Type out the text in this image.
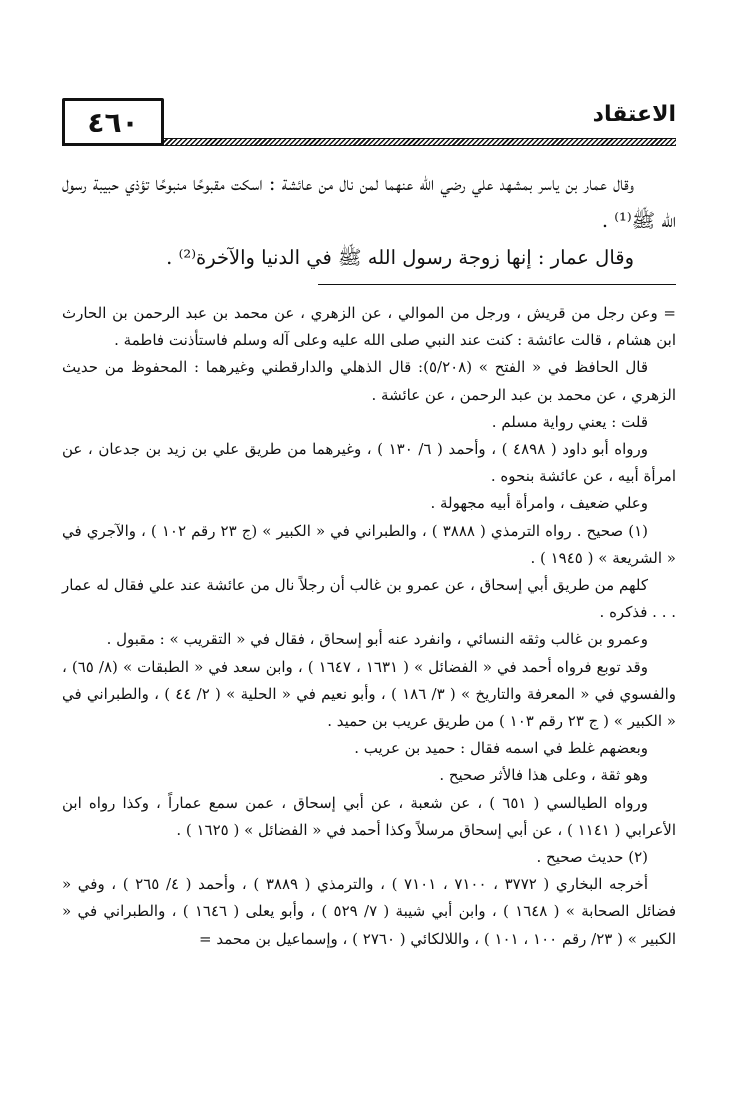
٤٦٠	الاعتقاد

وقال عمار بن ياسر بمشهد علي رضي الله عنهما لمن نال من عائشة : اسكت مقبوحًا منبوحًا تؤذي حبيبة رسول الله ﷺ⁽¹⁾ .

وقال عمار : إنها زوجة رسول الله ﷺ في الدنيا والآخرة⁽²⁾ .

= وعن رجل من قريش ، ورجل من الموالي ، عن الزهري ، عن محمد بن عبد الرحمن بن الحارث ابن هشام ، قالت عائشة : كنت عند النبي صلى الله عليه وعلى آله وسلم فاستأذنت فاطمة .

قال الحافظ في « الفتح » (٥/٢٠٨): قال الذهلي والدارقطني وغيرهما : المحفوظ من حديث الزهري ، عن محمد بن عبد الرحمن ، عن عائشة .

قلت : يعني رواية مسلم .

ورواه أبو داود ( ٤٨٩٨ ) ، وأحمد ( ٦/ ١٣٠ ) ، وغيرهما من طريق علي بن زيد بن جدعان ، عن امرأة أبيه ، عن عائشة بنحوه .

وعلي ضعيف ، وامرأة أبيه مجهولة .

(١) صحيح . رواه الترمذي ( ٣٨٨٨ ) ، والطبراني في « الكبير » (ج ٢٣ رقم ١٠٢ ) ، والآجري في « الشريعة » ( ١٩٤٥ ) .

كلهم من طريق أبي إسحاق ، عن عمرو بن غالب أن رجلاً نال من عائشة عند علي فقال له عمار . . . فذكره .

وعمرو بن غالب وثقه النسائي ، وانفرد عنه أبو إسحاق ، فقال في « التقريب » : مقبول .

وقد توبع فرواه أحمد في « الفضائل » ( ١٦٣١ ، ١٦٤٧ ) ، وابن سعد في « الطبقات » (٨/ ٦٥) ، والفسوي في « المعرفة والتاريخ » ( ٣/ ١٨٦ ) ، وأبو نعيم في « الحلية » ( ٢/ ٤٤ ) ، والطبراني في « الكبير » ( ج ٢٣ رقم ١٠٣ ) من طريق عريب بن حميد .

وبعضهم غلط في اسمه فقال : حميد بن عريب .

وهو ثقة ، وعلى هذا فالأثر صحيح .

ورواه الطيالسي ( ٦٥١ ) ، عن شعبة ، عن أبي إسحاق ، عمن سمع عماراً ، وكذا رواه ابن الأعرابي ( ١١٤١ ) ، عن أبي إسحاق مرسلاً وكذا أحمد في « الفضائل » ( ١٦٢٥ ) .

(٢) حديث صحيح .

أخرجه البخاري ( ٣٧٧٢ ، ٧١٠٠ ، ٧١٠١ ) ، والترمذي ( ٣٨٨٩ ) ، وأحمد ( ٤/ ٢٦٥ ) ، وفي « فضائل الصحابة » ( ١٦٤٨ ) ، وابن أبي شيبة ( ٧/ ٥٢٩ ) ، وأبو يعلى ( ١٦٤٦ ) ، والطبراني في « الكبير » ( ٢٣/ رقم ١٠٠ ، ١٠١ ) ، واللالكائي ( ٢٧٦٠ ) ، وإسماعيل بن محمد =
